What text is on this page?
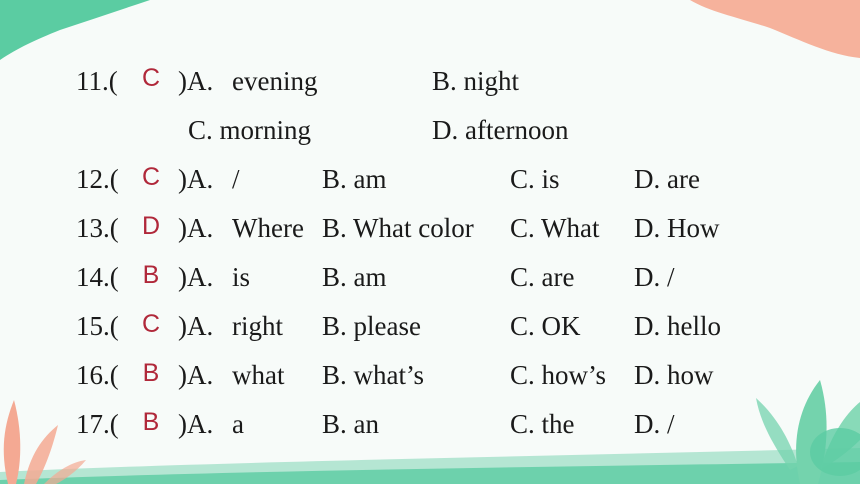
11.( C )A. evening	B. night
C. morning	D. afternoon
12.( C )A. /	B. am	C. is	D. are
13.( D )A. Where B. What color C. What D. How
14.( B )A. is	B. am	C. are D. /
15.( C )A. right B. please	C. OK D. hello
16.( B )A. what B. what’s	C. how’s D. how
17.( B )A. a	B. an	C. the D. /
